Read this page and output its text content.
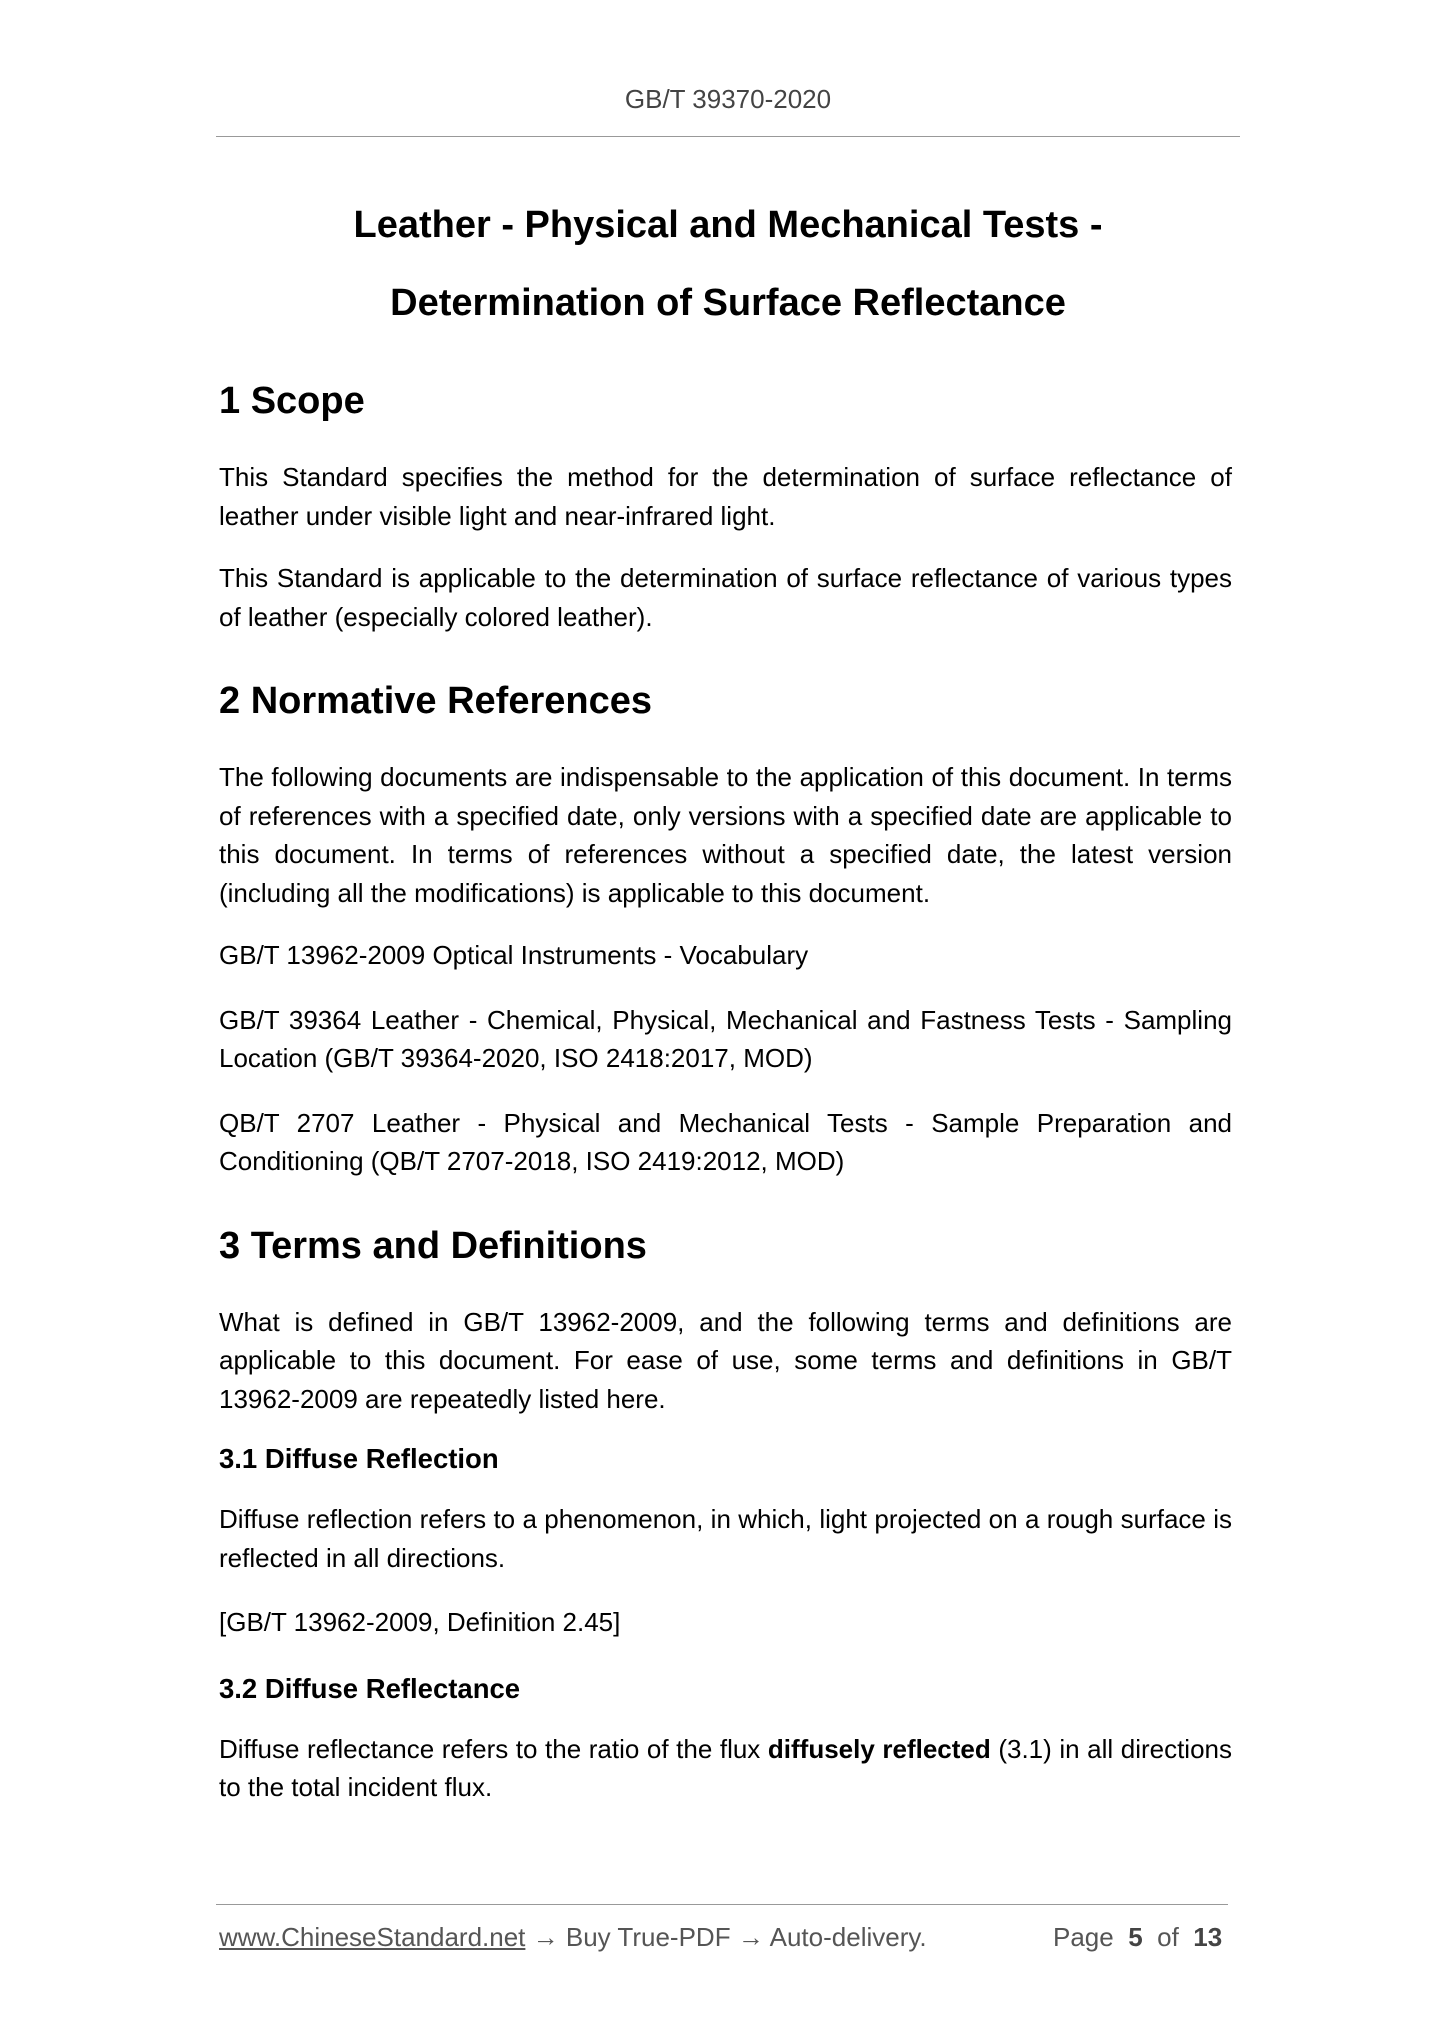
GB/T 39370-2020
Leather - Physical and Mechanical Tests -
Determination of Surface Reflectance
1 Scope

This Standard specifies the method for the determination of surface reflectance of leather under visible light and near-infrared light.

This Standard is applicable to the determination of surface reflectance of various types of leather (especially colored leather).

2 Normative References

The following documents are indispensable to the application of this document. In terms of references with a specified date, only versions with a specified date are applicable to this document. In terms of references without a specified date, the latest version (including all the modifications) is applicable to this document.

GB/T 13962-2009 Optical Instruments - Vocabulary

GB/T 39364 Leather - Chemical, Physical, Mechanical and Fastness Tests - Sampling Location (GB/T 39364-2020, ISO 2418:2017, MOD)

QB/T 2707 Leather - Physical and Mechanical Tests - Sample Preparation and Conditioning (QB/T 2707-2018, ISO 2419:2012, MOD)

3 Terms and Definitions

What is defined in GB/T 13962-2009, and the following terms and definitions are applicable to this document. For ease of use, some terms and definitions in GB/T 13962-2009 are repeatedly listed here.

3.1 Diffuse Reflection

Diffuse reflection refers to a phenomenon, in which, light projected on a rough surface is reflected in all directions.

[GB/T 13962-2009, Definition 2.45]

3.2 Diffuse Reflectance

Diffuse reflectance refers to the ratio of the flux diffusely reflected (3.1) in all directions to the total incident flux.

www.ChineseStandard.net → Buy True-PDF → Auto-delivery.	Page 5 of 13
